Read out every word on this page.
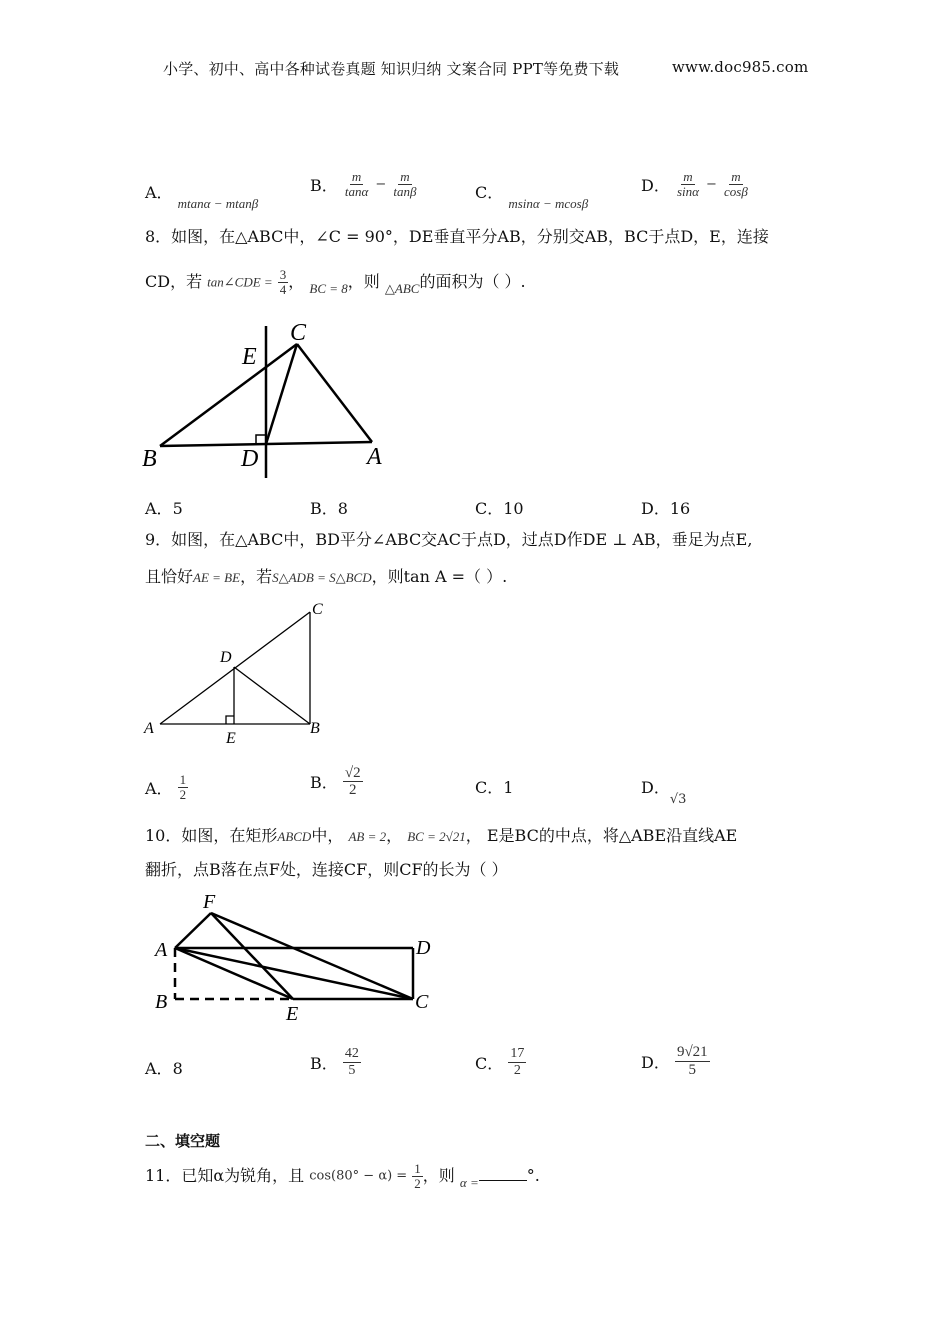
小学、初中、高中各种试卷真题 知识归纳 文案合同 PPT等免费下载	www.doc985.com
A． $_{mtan\alpha - mtan\beta}$
B． $\frac{m}{\tan\alpha} - \frac{m}{\tan\beta}$	C． $_{msin\alpha - mcos\beta}$
D． $\frac{m}{\sin\alpha} - \frac{m}{\cos\beta}$
8．如图，在△ABC中，∠C = 90°，DE垂直平分AB，分别交AB，BC于点D，E，连接
CD，若 tan∠CDE = $\frac{3}{4}$ ， $_{BC = 8}$，则 $_{\triangle ABC}$的面积为（ ）.
B	D	A
C
E
A．5	B．8	C．10	D．16
9．如图，在△ABC中，BD平分∠ABC交AC于点D，过点D作DE ⊥ AB，垂足为点E,
且恰好AE = BE，若S△ADB = S△BCD，则tan A =（ ）.
A
E
B
D
C
A． $\frac{1}{2}$	B． $\frac{√2}{2}$	C．1	D．$_{√3}$
10．如图，在矩形ABCD中， AB = 2， BC = 2√21， E是BC的中点，将△ABE沿直线AE
翻折，点B落在点F处，连接CF，则CF的长为（ ）
F
A	D
B
E
C
A．8	B． $\frac{42}{5}$	C． $\frac{17}{2}$	D． $\frac{9√21}{5}$
二、填空题
11．已知α为锐角，且 $\cos(80^\circ - \alpha) = \frac{1}{2}$ ，则 $_{\alpha =}$	°.
